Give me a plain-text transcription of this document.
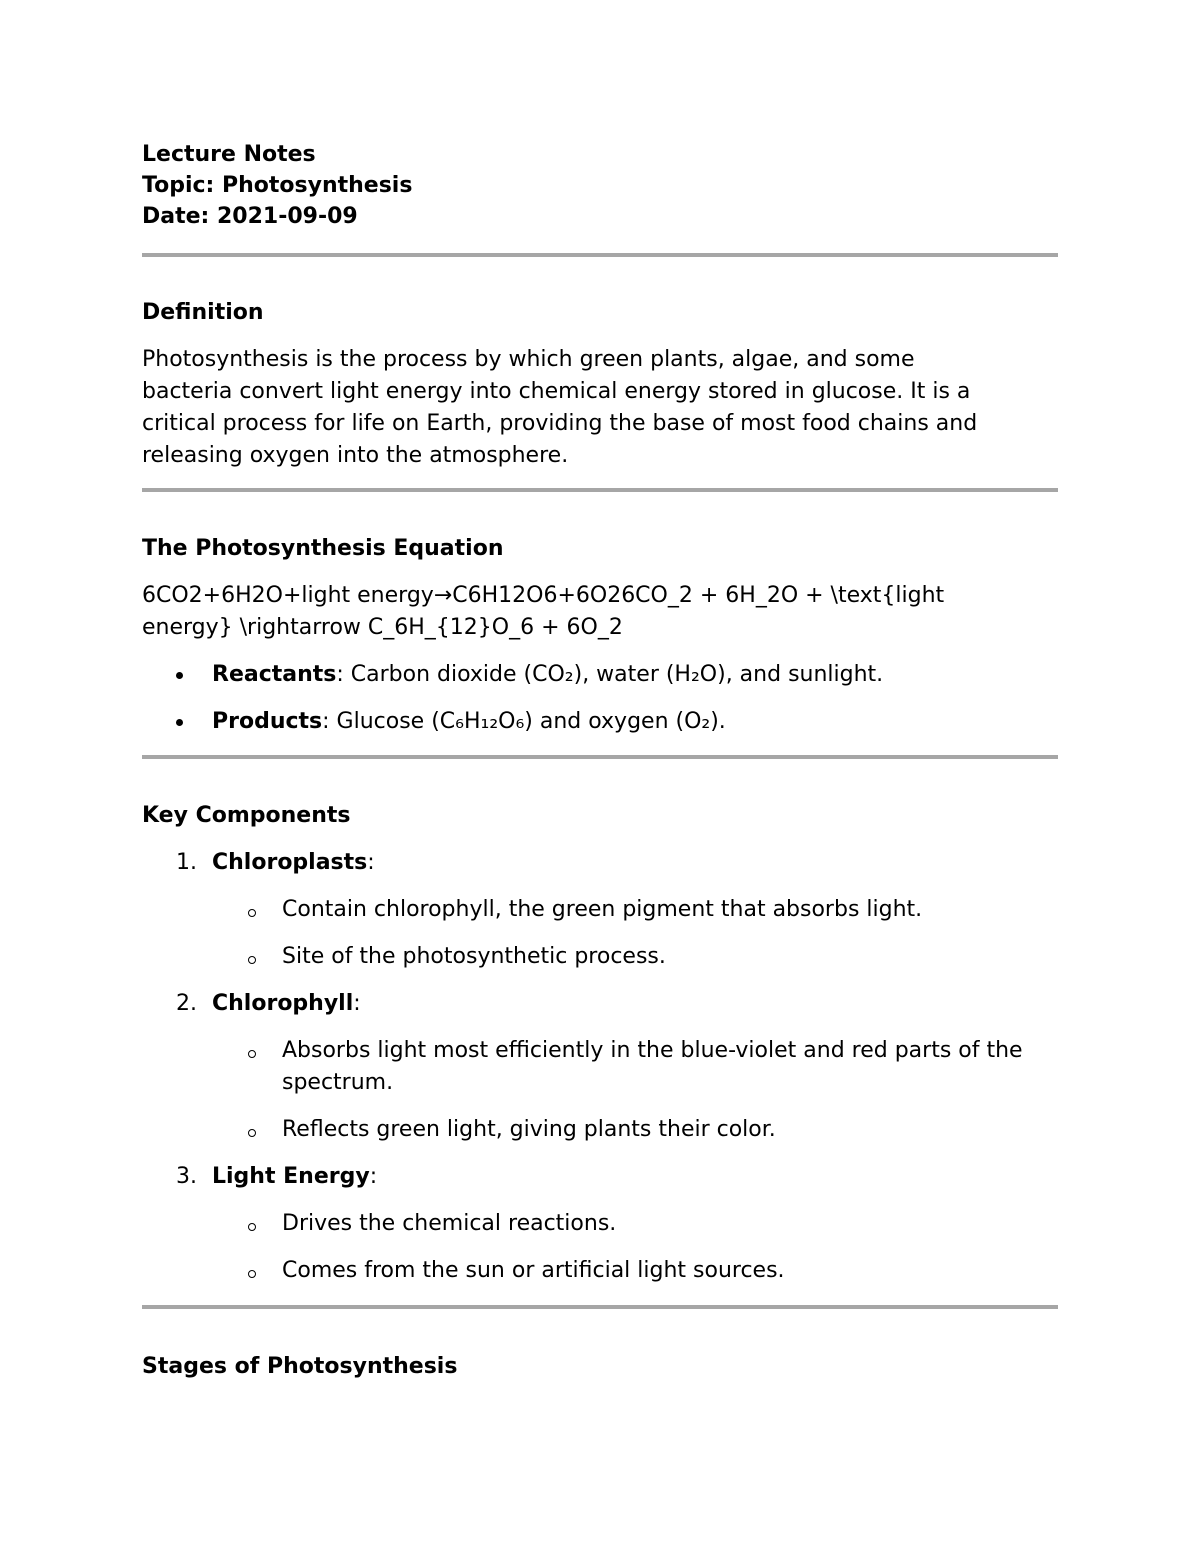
Lecture Notes

Topic: Photosynthesis

Date: 2021-09-09

Definition

Photosynthesis is the process by which green plants, algae, and some
bacteria convert light energy into chemical energy stored in glucose. It is a
critical process for life on Earth, providing the base of most food chains and
releasing oxygen into the atmosphere.

The Photosynthesis Equation

6CO2+6H2O+light energy→C6H12O6+6O26CO_2 + 6H_2O + \text{light
energy} \rightarrow C_6H_{12}O_6 + 6O_2
Reactants: Carbon dioxide (CO₂), water (H₂O), and sunlight.
Products: Glucose (C₆H₁₂O₆) and oxygen (O₂).

Key Components

1. Chloroplasts:
Contain chlorophyll, the green pigment that absorbs light.
Site of the photosynthetic process.
2. Chlorophyll:
Absorbs light most efficiently in the blue-violet and red parts of the spectrum.
Reflects green light, giving plants their color.
3. Light Energy:
Drives the chemical reactions.
Comes from the sun or artificial light sources.

Stages of Photosynthesis
